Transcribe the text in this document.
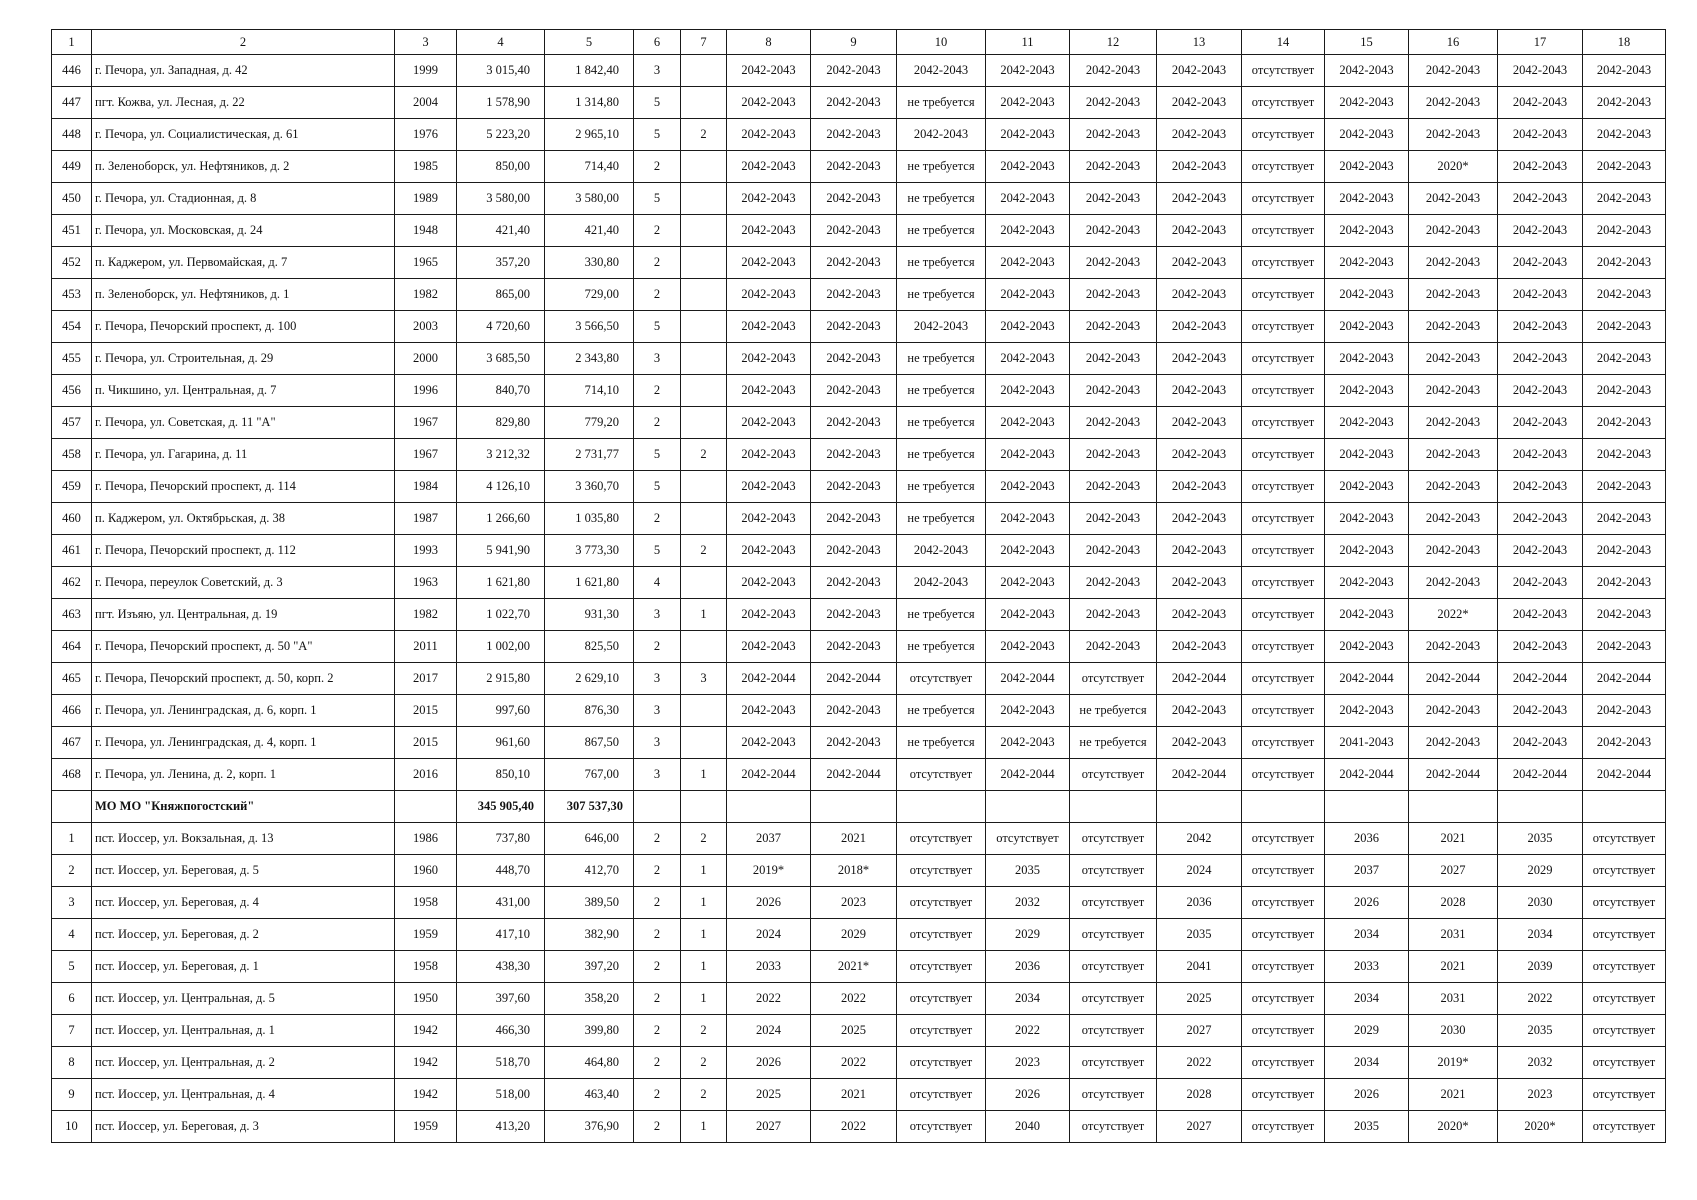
1	2	3	4	5	6	7	8	9	10	11	12	13	14	15	16	17	18
446	г. Печора, ул. Западная, д. 42	1999	3 015,40	1 842,40	3		2042-2043	2042-2043	2042-2043	2042-2043	2042-2043	2042-2043	отсутствует	2042-2043	2042-2043	2042-2043	2042-2043
447	пгт. Кожва, ул. Лесная, д. 22	2004	1 578,90	1 314,80	5		2042-2043	2042-2043	не требуется	2042-2043	2042-2043	2042-2043	отсутствует	2042-2043	2042-2043	2042-2043	2042-2043
448	г. Печора, ул. Социалистическая, д. 61	1976	5 223,20	2 965,10	5	2	2042-2043	2042-2043	2042-2043	2042-2043	2042-2043	2042-2043	отсутствует	2042-2043	2042-2043	2042-2043	2042-2043
449	п. Зеленоборск, ул. Нефтяников, д. 2	1985	850,00	714,40	2		2042-2043	2042-2043	не требуется	2042-2043	2042-2043	2042-2043	отсутствует	2042-2043	2020*	2042-2043	2042-2043
450	г. Печора, ул. Стадионная, д. 8	1989	3 580,00	3 580,00	5		2042-2043	2042-2043	не требуется	2042-2043	2042-2043	2042-2043	отсутствует	2042-2043	2042-2043	2042-2043	2042-2043
451	г. Печора, ул. Московская, д. 24	1948	421,40	421,40	2		2042-2043	2042-2043	не требуется	2042-2043	2042-2043	2042-2043	отсутствует	2042-2043	2042-2043	2042-2043	2042-2043
452	п. Каджером, ул. Первомайская, д. 7	1965	357,20	330,80	2		2042-2043	2042-2043	не требуется	2042-2043	2042-2043	2042-2043	отсутствует	2042-2043	2042-2043	2042-2043	2042-2043
453	п. Зеленоборск, ул. Нефтяников, д. 1	1982	865,00	729,00	2		2042-2043	2042-2043	не требуется	2042-2043	2042-2043	2042-2043	отсутствует	2042-2043	2042-2043	2042-2043	2042-2043
454	г. Печора, Печорский проспект, д. 100	2003	4 720,60	3 566,50	5		2042-2043	2042-2043	2042-2043	2042-2043	2042-2043	2042-2043	отсутствует	2042-2043	2042-2043	2042-2043	2042-2043
455	г. Печора, ул. Строительная, д. 29	2000	3 685,50	2 343,80	3		2042-2043	2042-2043	не требуется	2042-2043	2042-2043	2042-2043	отсутствует	2042-2043	2042-2043	2042-2043	2042-2043
456	п. Чикшино, ул. Центральная, д. 7	1996	840,70	714,10	2		2042-2043	2042-2043	не требуется	2042-2043	2042-2043	2042-2043	отсутствует	2042-2043	2042-2043	2042-2043	2042-2043
457	г. Печора, ул. Советская, д. 11 "А"	1967	829,80	779,20	2		2042-2043	2042-2043	не требуется	2042-2043	2042-2043	2042-2043	отсутствует	2042-2043	2042-2043	2042-2043	2042-2043
458	г. Печора, ул. Гагарина, д. 11	1967	3 212,32	2 731,77	5	2	2042-2043	2042-2043	не требуется	2042-2043	2042-2043	2042-2043	отсутствует	2042-2043	2042-2043	2042-2043	2042-2043
459	г. Печора, Печорский проспект, д. 114	1984	4 126,10	3 360,70	5		2042-2043	2042-2043	не требуется	2042-2043	2042-2043	2042-2043	отсутствует	2042-2043	2042-2043	2042-2043	2042-2043
460	п. Каджером, ул. Октябрьская, д. 38	1987	1 266,60	1 035,80	2		2042-2043	2042-2043	не требуется	2042-2043	2042-2043	2042-2043	отсутствует	2042-2043	2042-2043	2042-2043	2042-2043
461	г. Печора, Печорский проспект, д. 112	1993	5 941,90	3 773,30	5	2	2042-2043	2042-2043	2042-2043	2042-2043	2042-2043	2042-2043	отсутствует	2042-2043	2042-2043	2042-2043	2042-2043
462	г. Печора, переулок Советский, д. 3	1963	1 621,80	1 621,80	4		2042-2043	2042-2043	2042-2043	2042-2043	2042-2043	2042-2043	отсутствует	2042-2043	2042-2043	2042-2043	2042-2043
463	пгт. Изъяю, ул. Центральная, д. 19	1982	1 022,70	931,30	3	1	2042-2043	2042-2043	не требуется	2042-2043	2042-2043	2042-2043	отсутствует	2042-2043	2022*	2042-2043	2042-2043
464	г. Печора, Печорский проспект, д. 50 "А"	2011	1 002,00	825,50	2		2042-2043	2042-2043	не требуется	2042-2043	2042-2043	2042-2043	отсутствует	2042-2043	2042-2043	2042-2043	2042-2043
465	г. Печора, Печорский проспект, д. 50, корп. 2	2017	2 915,80	2 629,10	3	3	2042-2044	2042-2044	отсутствует	2042-2044	отсутствует	2042-2044	отсутствует	2042-2044	2042-2044	2042-2044	2042-2044
466	г. Печора, ул. Ленинградская, д. 6, корп. 1	2015	997,60	876,30	3		2042-2043	2042-2043	не требуется	2042-2043	не требуется	2042-2043	отсутствует	2042-2043	2042-2043	2042-2043	2042-2043
467	г. Печора, ул. Ленинградская, д. 4, корп. 1	2015	961,60	867,50	3		2042-2043	2042-2043	не требуется	2042-2043	не требуется	2042-2043	отсутствует	2041-2043	2042-2043	2042-2043	2042-2043
468	г. Печора, ул. Ленина, д. 2, корп. 1	2016	850,10	767,00	3	1	2042-2044	2042-2044	отсутствует	2042-2044	отсутствует	2042-2044	отсутствует	2042-2044	2042-2044	2042-2044	2042-2044
	МО МО "Княжпогостский"		345 905,40	307 537,30													
1	пст. Иоссер, ул. Вокзальная, д. 13	1986	737,80	646,00	2	2	2037	2021	отсутствует	отсутствует	отсутствует	2042	отсутствует	2036	2021	2035	отсутствует
2	пст. Иоссер, ул. Береговая, д. 5	1960	448,70	412,70	2	1	2019*	2018*	отсутствует	2035	отсутствует	2024	отсутствует	2037	2027	2029	отсутствует
3	пст. Иоссер, ул. Береговая, д. 4	1958	431,00	389,50	2	1	2026	2023	отсутствует	2032	отсутствует	2036	отсутствует	2026	2028	2030	отсутствует
4	пст. Иоссер, ул. Береговая, д. 2	1959	417,10	382,90	2	1	2024	2029	отсутствует	2029	отсутствует	2035	отсутствует	2034	2031	2034	отсутствует
5	пст. Иоссер, ул. Береговая, д. 1	1958	438,30	397,20	2	1	2033	2021*	отсутствует	2036	отсутствует	2041	отсутствует	2033	2021	2039	отсутствует
6	пст. Иоссер, ул. Центральная, д. 5	1950	397,60	358,20	2	1	2022	2022	отсутствует	2034	отсутствует	2025	отсутствует	2034	2031	2022	отсутствует
7	пст. Иоссер, ул. Центральная, д. 1	1942	466,30	399,80	2	2	2024	2025	отсутствует	2022	отсутствует	2027	отсутствует	2029	2030	2035	отсутствует
8	пст. Иоссер, ул. Центральная, д. 2	1942	518,70	464,80	2	2	2026	2022	отсутствует	2023	отсутствует	2022	отсутствует	2034	2019*	2032	отсутствует
9	пст. Иоссер, ул. Центральная, д. 4	1942	518,00	463,40	2	2	2025	2021	отсутствует	2026	отсутствует	2028	отсутствует	2026	2021	2023	отсутствует
10	пст. Иоссер, ул. Береговая, д. 3	1959	413,20	376,90	2	1	2027	2022	отсутствует	2040	отсутствует	2027	отсутствует	2035	2020*	2020*	отсутствует
